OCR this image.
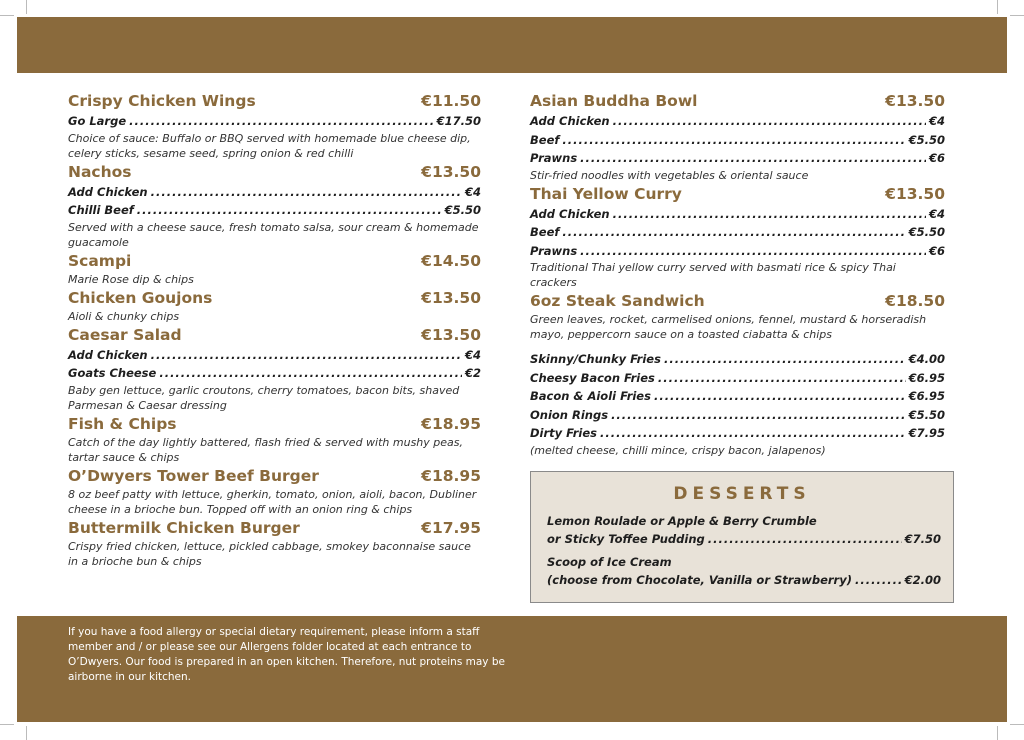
Crispy Chicken Wings	€11.50
Go Large .....	€17.50
Choice of sauce: Buffalo or BBQ served with homemade blue cheese dip, celery sticks, sesame seed, spring onion & red chilli
Nachos	€13.50
Add Chicken .....	€4
Chilli Beef .....	€5.50
Served with a cheese sauce, fresh tomato salsa, sour cream & homemade guacamole
Scampi	€14.50
Marie Rose dip & chips
Chicken Goujons	€13.50
Aioli & chunky chips
Caesar Salad	€13.50
Add Chicken .....	€4
Goats Cheese .....	€2
Baby gen lettuce, garlic croutons, cherry tomatoes, bacon bits, shaved Parmesan & Caesar dressing
Fish & Chips	€18.95
Catch of the day lightly battered, flash fried & served with mushy peas, tartar sauce & chips
O’Dwyers Tower Beef Burger	€18.95
8 oz beef patty with lettuce, gherkin, tomato, onion, aioli, bacon, Dubliner cheese in a brioche bun. Topped off with an onion ring & chips
Buttermilk Chicken Burger	€17.95
Crispy fried chicken, lettuce, pickled cabbage, smokey baconnaise sauce in a brioche bun & chips
Asian Buddha Bowl	€13.50
Add Chicken .....	€4
Beef .....	€5.50
Prawns .....	€6
Stir-fried noodles with vegetables & oriental sauce
Thai Yellow Curry	€13.50
Add Chicken .....	€4
Beef .....	€5.50
Prawns .....	€6
Traditional Thai yellow curry served with basmati rice & spicy Thai crackers
6oz Steak Sandwich	€18.50
Green leaves, rocket, carmelised onions, fennel, mustard & horseradish mayo, peppercorn sauce on a toasted ciabatta & chips
Skinny/Chunky Fries .....	€4.00
Cheesy Bacon Fries .....	€6.95
Bacon & Aioli Fries .....	€6.95
Onion Rings .....	€5.50
Dirty Fries .....	€7.95
(melted cheese, chilli mince, crispy bacon, jalapenos)
DESSERTS
Lemon Roulade or Apple & Berry Crumble
or Sticky Toffee Pudding .....	€7.50
Scoop of Ice Cream
(choose from Chocolate, Vanilla or Strawberry) .....	€2.00
If you have a food allergy or special dietary requirement, please inform a staff member and / or please see our Allergens folder located at each entrance to O’Dwyers. Our food is prepared in an open kitchen. Therefore, nut proteins may be airborne in our kitchen.
